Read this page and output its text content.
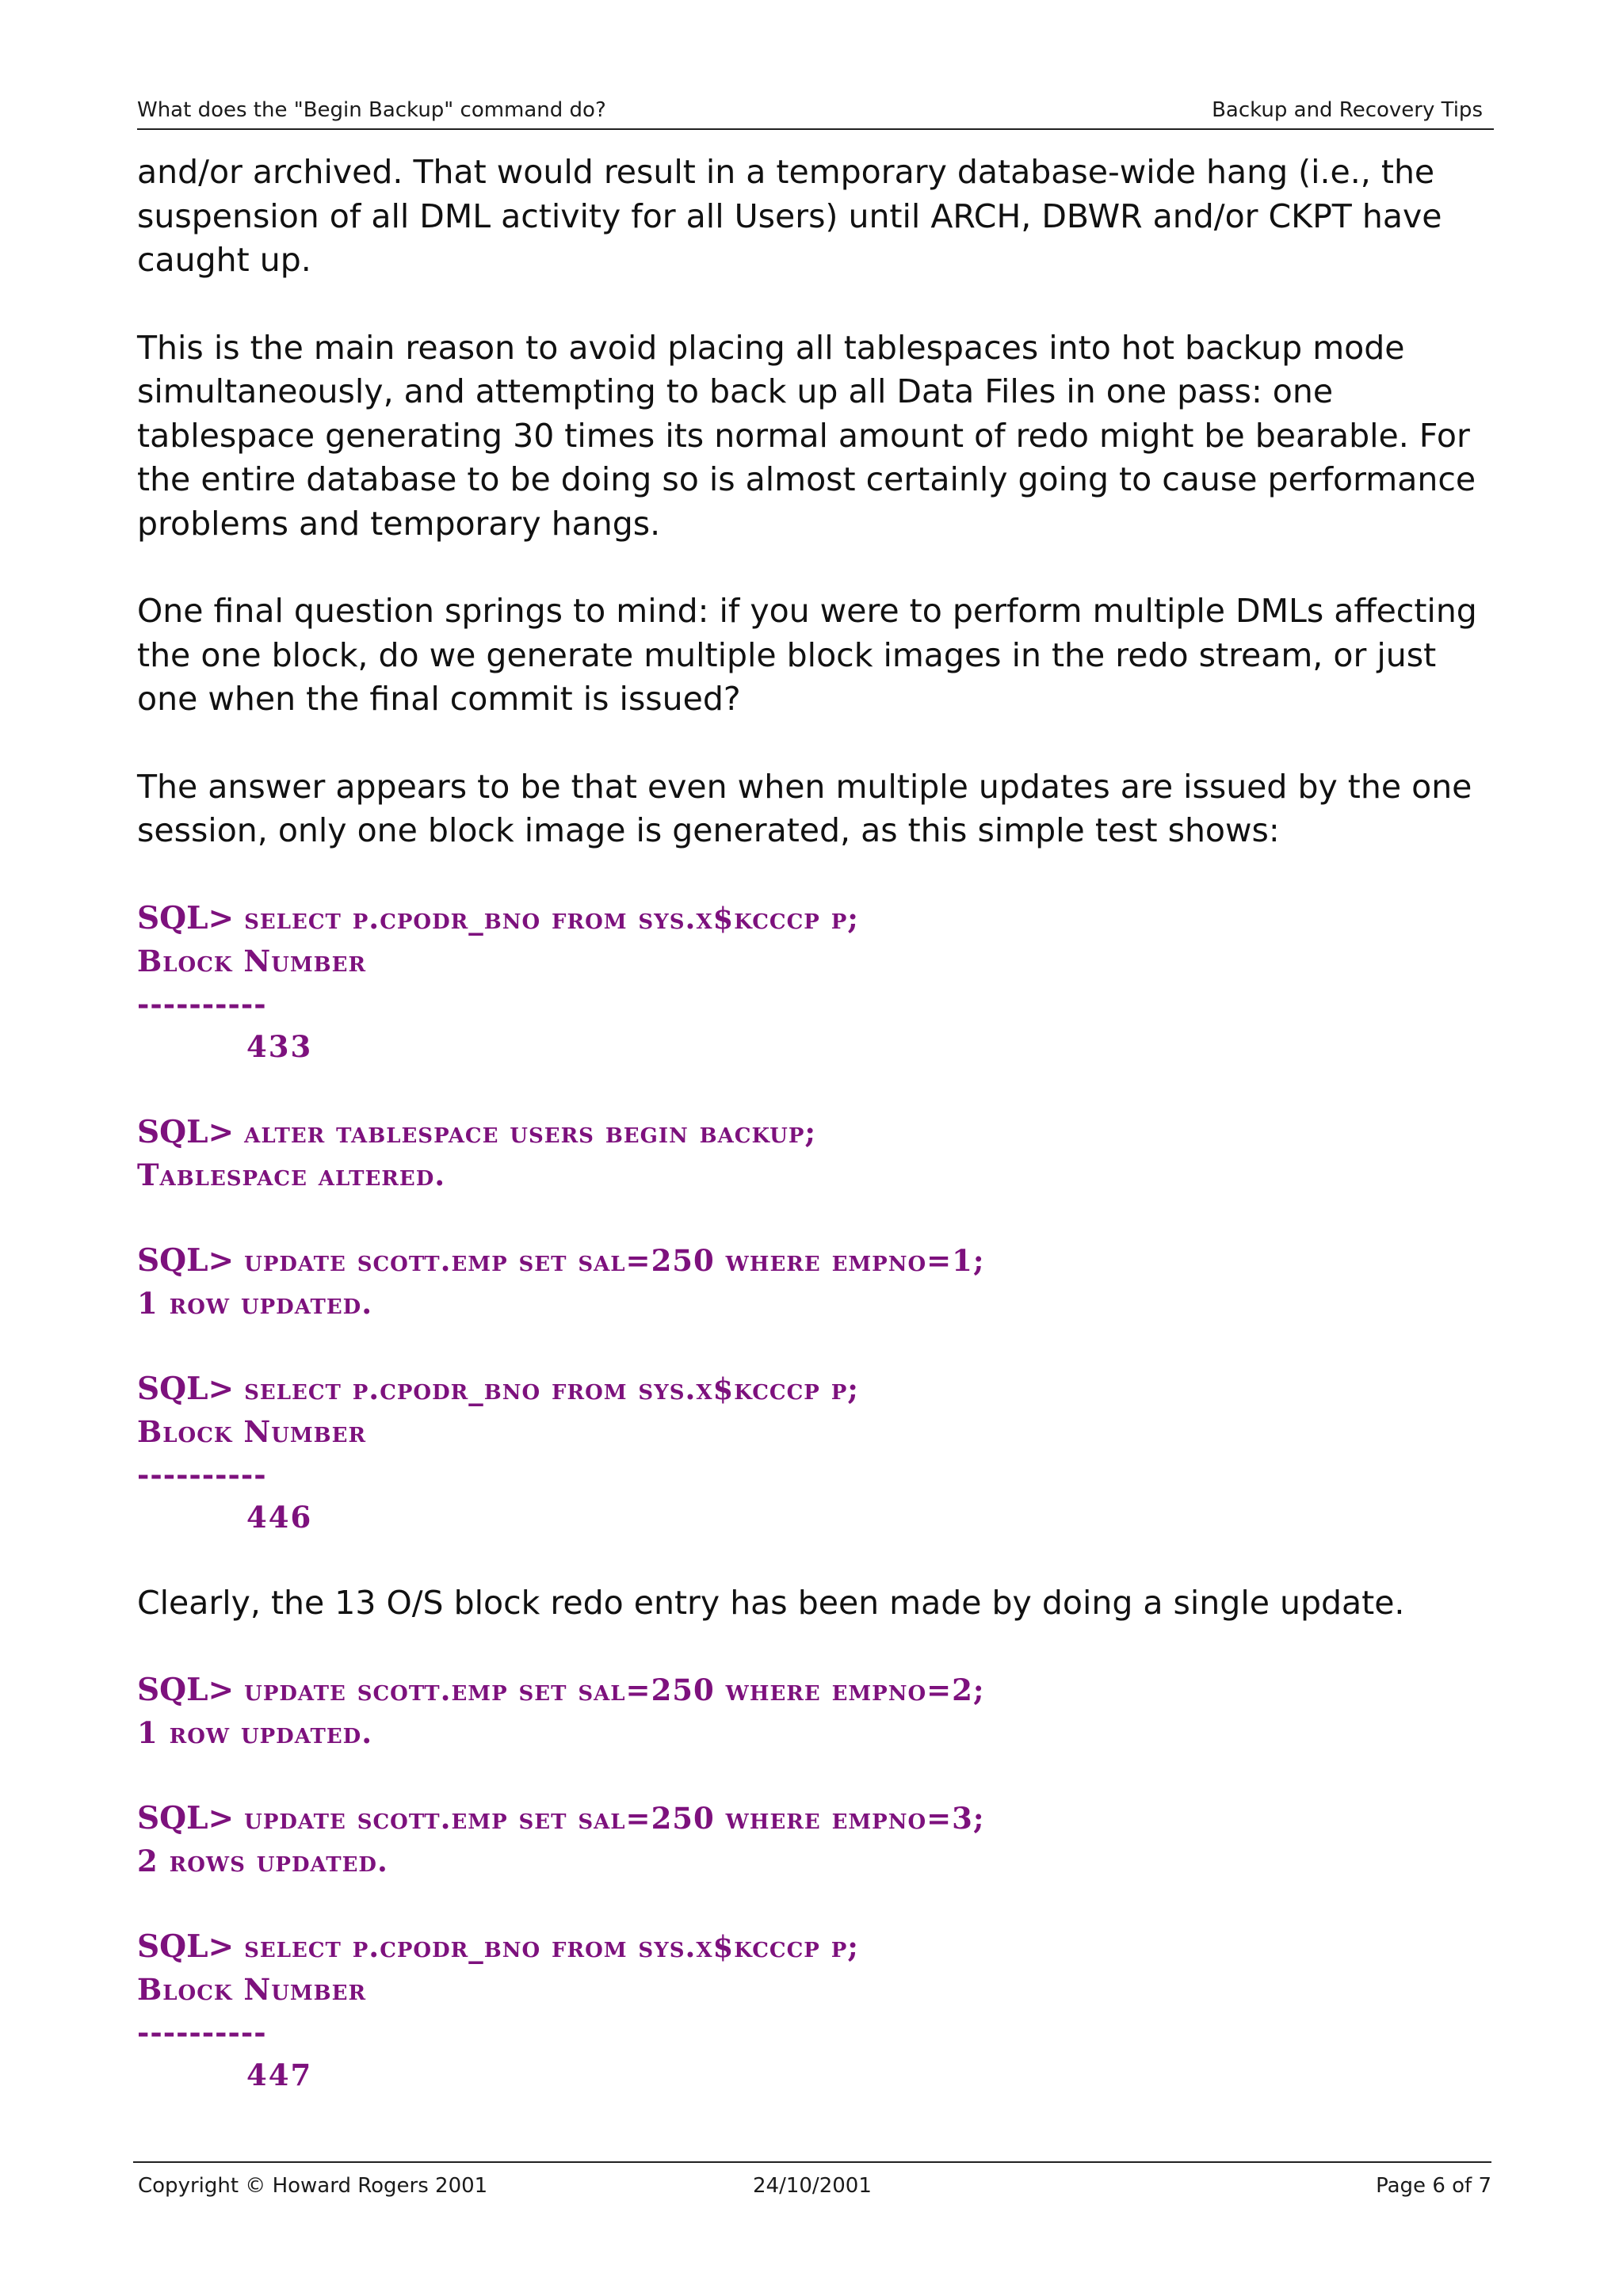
What does the "Begin Backup" command do?	Backup and Recovery Tips

and/or archived. That would result in a temporary database-wide hang (i.e., the suspension of all DML activity for all Users) until ARCH, DBWR and/or CKPT have caught up.

This is the main reason to avoid placing all tablespaces into hot backup mode simultaneously, and attempting to back up all Data Files in one pass: one tablespace generating 30 times its normal amount of redo might be bearable. For the entire database to be doing so is almost certainly going to cause performance problems and temporary hangs.

One final question springs to mind: if you were to perform multiple DMLs affecting the one block, do we generate multiple block images in the redo stream, or just one when the final commit is issued?

The answer appears to be that even when multiple updates are issued by the one session, only one block image is generated, as this simple test shows:

SQL> select p.cpodr_bno from sys.x$kcccp p;
Block Number
----------
433
SQL> alter tablespace users begin backup;
Tablespace altered.
SQL> update scott.emp set sal=250 where empno=1;
1 row updated.
SQL> select p.cpodr_bno from sys.x$kcccp p;
Block Number
----------
446

Clearly, the 13 O/S block redo entry has been made by doing a single update.

SQL> update scott.emp set sal=250 where empno=2;
1 row updated.
SQL> update scott.emp set sal=250 where empno=3;
2 rows updated.
SQL> select p.cpodr_bno from sys.x$kcccp p;
Block Number
----------
447
Copyright © Howard Rogers 2001	24/10/2001	Page 6 of 7
